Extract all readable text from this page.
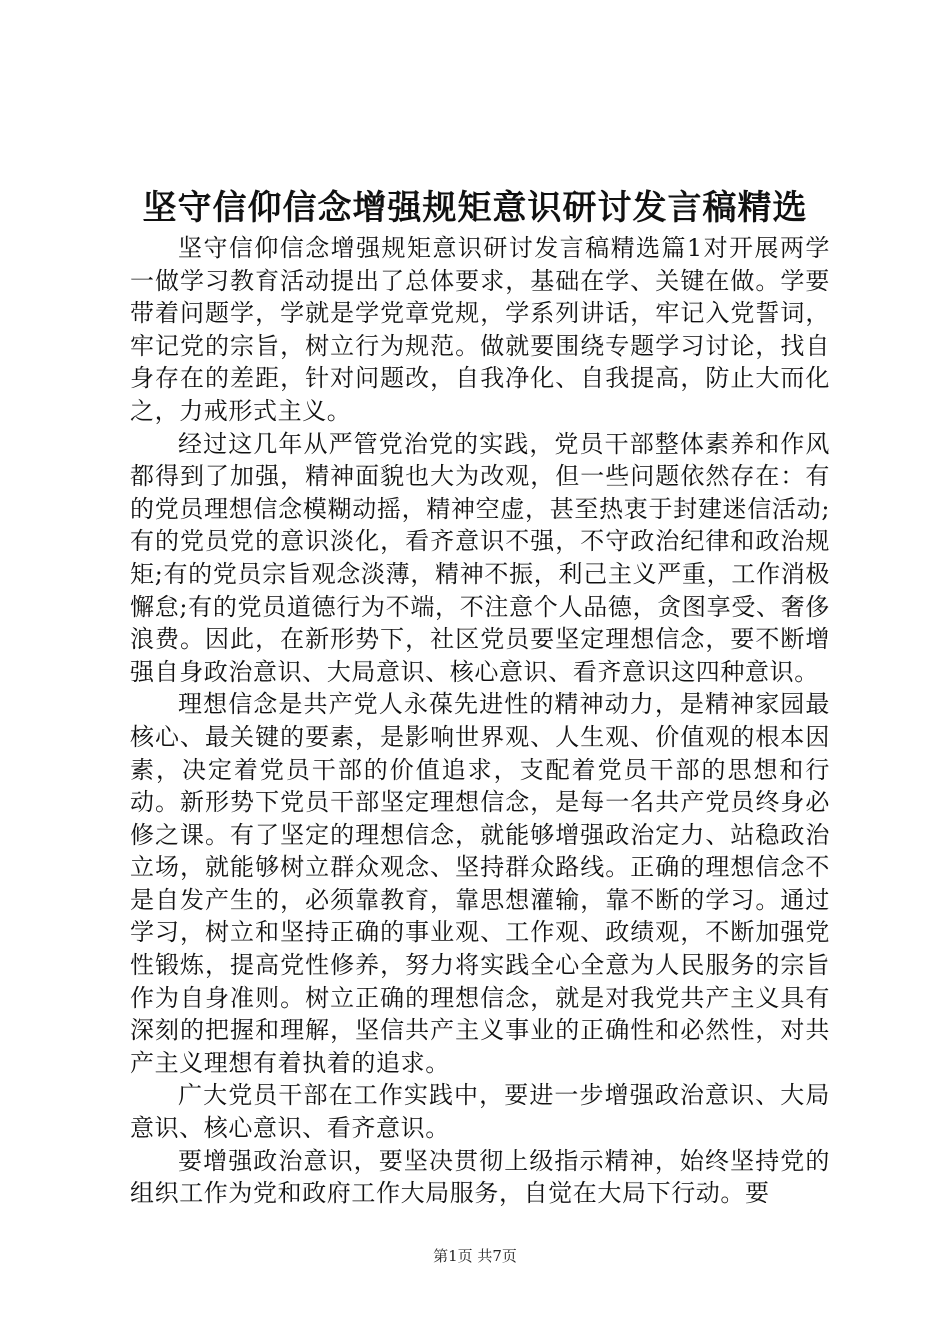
坚守信仰信念增强规矩意识研讨发言稿精选

坚守信仰信念增强规矩意识研讨发言稿精选篇1对开展两学一做学习教育活动提出了总体要求，基础在学、关键在做。学要带着问题学，学就是学党章党规，学系列讲话，牢记入党誓词，牢记党的宗旨，树立行为规范。做就要围绕专题学习讨论，找自身存在的差距，针对问题改，自我净化、自我提高，防止大而化之，力戒形式主义。

经过这几年从严管党治党的实践，党员干部整体素养和作风都得到了加强，精神面貌也大为改观，但一些问题依然存在：有的党员理想信念模糊动摇，精神空虚，甚至热衷于封建迷信活动;有的党员党的意识淡化，看齐意识不强，不守政治纪律和政治规矩;有的党员宗旨观念淡薄，精神不振，利己主义严重，工作消极懈怠;有的党员道德行为不端，不注意个人品德，贪图享受、奢侈浪费。因此，在新形势下，社区党员要坚定理想信念，要不断增强自身政治意识、大局意识、核心意识、看齐意识这四种意识。

理想信念是共产党人永葆先进性的精神动力，是精神家园最核心、最关键的要素，是影响世界观、人生观、价值观的根本因素，决定着党员干部的价值追求，支配着党员干部的思想和行动。新形势下党员干部坚定理想信念，是每一名共产党员终身必修之课。有了坚定的理想信念，就能够增强政治定力、站稳政治立场，就能够树立群众观念、坚持群众路线。正确的理想信念不是自发产生的，必须靠教育，靠思想灌输，靠不断的学习。通过学习，树立和坚持正确的事业观、工作观、政绩观，不断加强党性锻炼，提高党性修养，努力将实践全心全意为人民服务的宗旨作为自身准则。树立正确的理想信念，就是对我党共产主义具有深刻的把握和理解，坚信共产主义事业的正确性和必然性，对共产主义理想有着执着的追求。

广大党员干部在工作实践中，要进一步增强政治意识、大局意识、核心意识、看齐意识。

要增强政治意识，要坚决贯彻上级指示精神，始终坚持党的组织工作为党和政府工作大局服务，自觉在大局下行动。要

第1页 共7页
